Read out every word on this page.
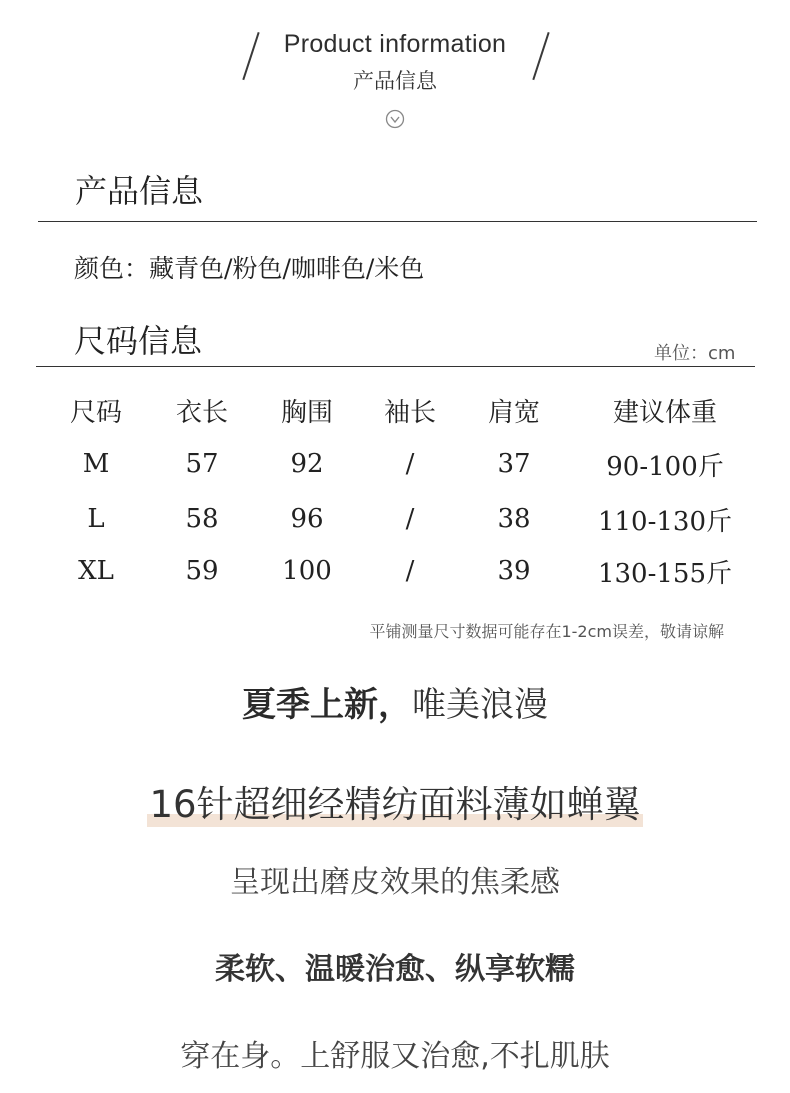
Product information
产品信息
产品信息
颜色：藏青色/粉色/咖啡色/米色
尺码信息	单位：cm
尺码	衣长	胸围	袖长	肩宽	建议体重
M	57	92	/	37	90-100斤
L	58	96	/	38	110-130斤
XL	59	100	/	39	130-155斤
平铺测量尺寸数据可能存在1-2cm误差，敬请谅解
夏季上新，唯美浪漫
16针超细经精纺面料薄如蝉翼
呈现出磨皮效果的焦柔感
柔软、温暖治愈、纵享软糯
穿在身。上舒服又治愈,不扎肌肤
